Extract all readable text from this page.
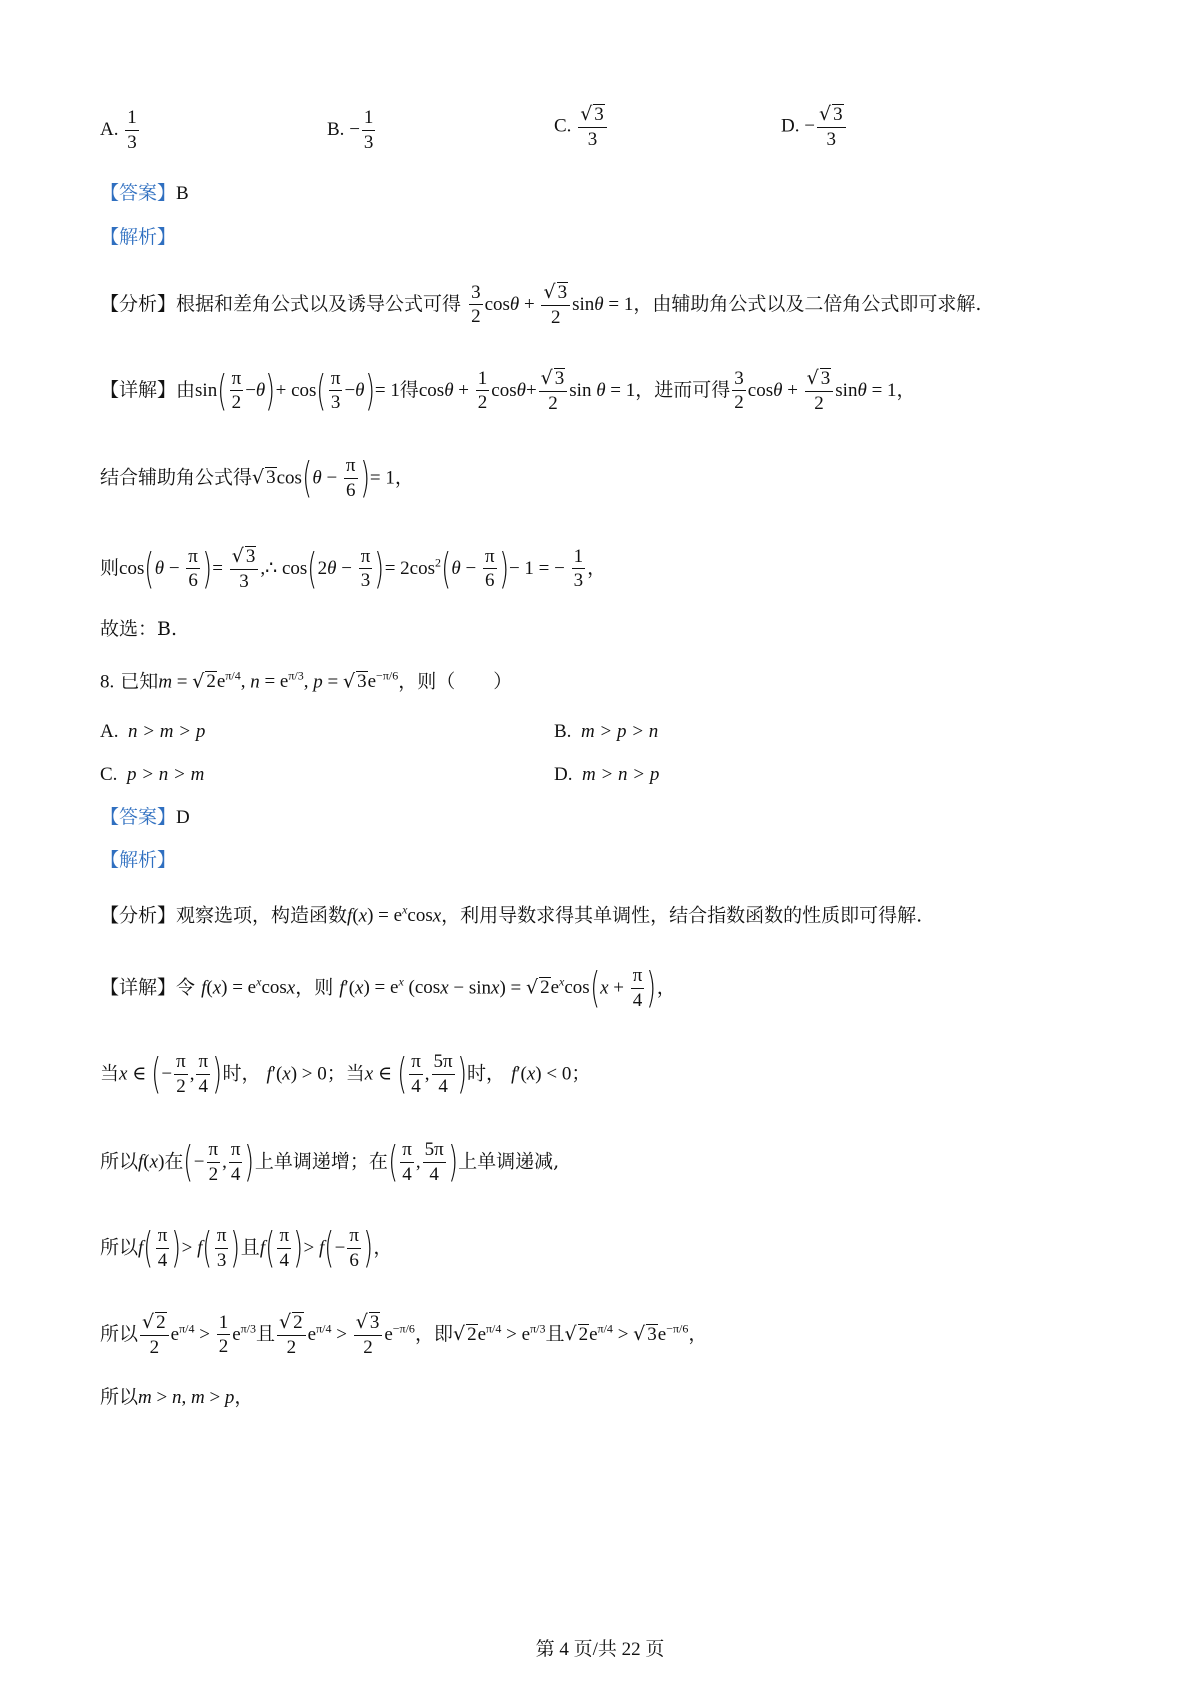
A. $\frac{1}{3}$	B. − $\frac{1}{3}$	C. $\frac{√ 3}{3}$	D. − $\frac{√ 3}{3}$
【答案】B
【解析】
【分析】根据和差角公式以及诱导公式可得 $\frac{3}{2}$ $\cos\theta + \frac{√ 3}{2}$ sinθ = 1，由辅助角公式以及二倍角公式即可求解.
【详解】由$\sin( \frac{\pi}{2} -\theta)+ \cos( \frac{\pi}{3} -\theta)= 1$得$\cos\theta + \frac{1}{2} \cos\theta+ \frac{√ 3}{2}$ sin θ = 1，进而可得 $\frac{3}{2}$ $\cos\theta + \frac{√ 3}{2}$ sinθ = 1，
结合辅助角公式得√ $3\cos(\theta - \frac{\pi}{6}$ )= 1，
则$\cos(\theta - \frac{\pi}{6}$ )= $\frac{√ 3}{3}$ ,∴ $\cos(2\theta - \frac{\pi}{3}$ )= $2\cos^2(\theta - \frac{\pi}{6}$ )− 1 = − $\frac{1}{3}$ ，
故选：B.
8. 已知m = √ $2e^{\pi/4}$, $n = e^{\pi/3}$, p = √ $3e^{-\pi/6}$，则（　　）
A. n > m > p	B. m > p > n
C. p > n > m	D. m > n > p
【答案】D
【解析】
【分析】观察选项，构造函数$f(x) = e^x\cos x$，利用导数求得其单调性，结合指数函数的性质即可得解.
【详解】令 $f(x) = e^x\cos x$，则 $f'(x) = e^x$ (cosx − sinx) = √ $2e^x\cos(x + \frac{\pi}{4}$ )，
当x ∈ (− $\frac{\pi}{2}$ , $\frac{\pi}{4}$ )时， f′(x) > 0；当x ∈ ( $\frac{\pi}{4}$ , $\frac{5\pi}{4}$ )时， f′(x) < 0；
所以f(x)在(− $\frac{\pi}{2}$ , $\frac{\pi}{4}$ )上单调递增；在( $\frac{\pi}{4}$ , $\frac{5\pi}{4}$ )上单调递减,
所以$f( \frac{\pi}{4}$ )> $f( \frac{\pi}{3}$ )且$f( \frac{\pi}{4}$ )> $f(- \frac{\pi}{6}$ )，
所以 $\frac{√ 2}{2} e^{\pi/4} > \frac{1}{2} e^{\pi/3}$且 $\frac{√ 2}{2} e^{\pi/4} > \frac{√ 3}{2} e^{-\pi/6}$，即√ $2e^{\pi/4} > e^{\pi/3}$且√ $2e^{\pi/4}$ > √ $3e^{-\pi/6}$，
所以m > n, m > p，
第 4 页/共 22 页
